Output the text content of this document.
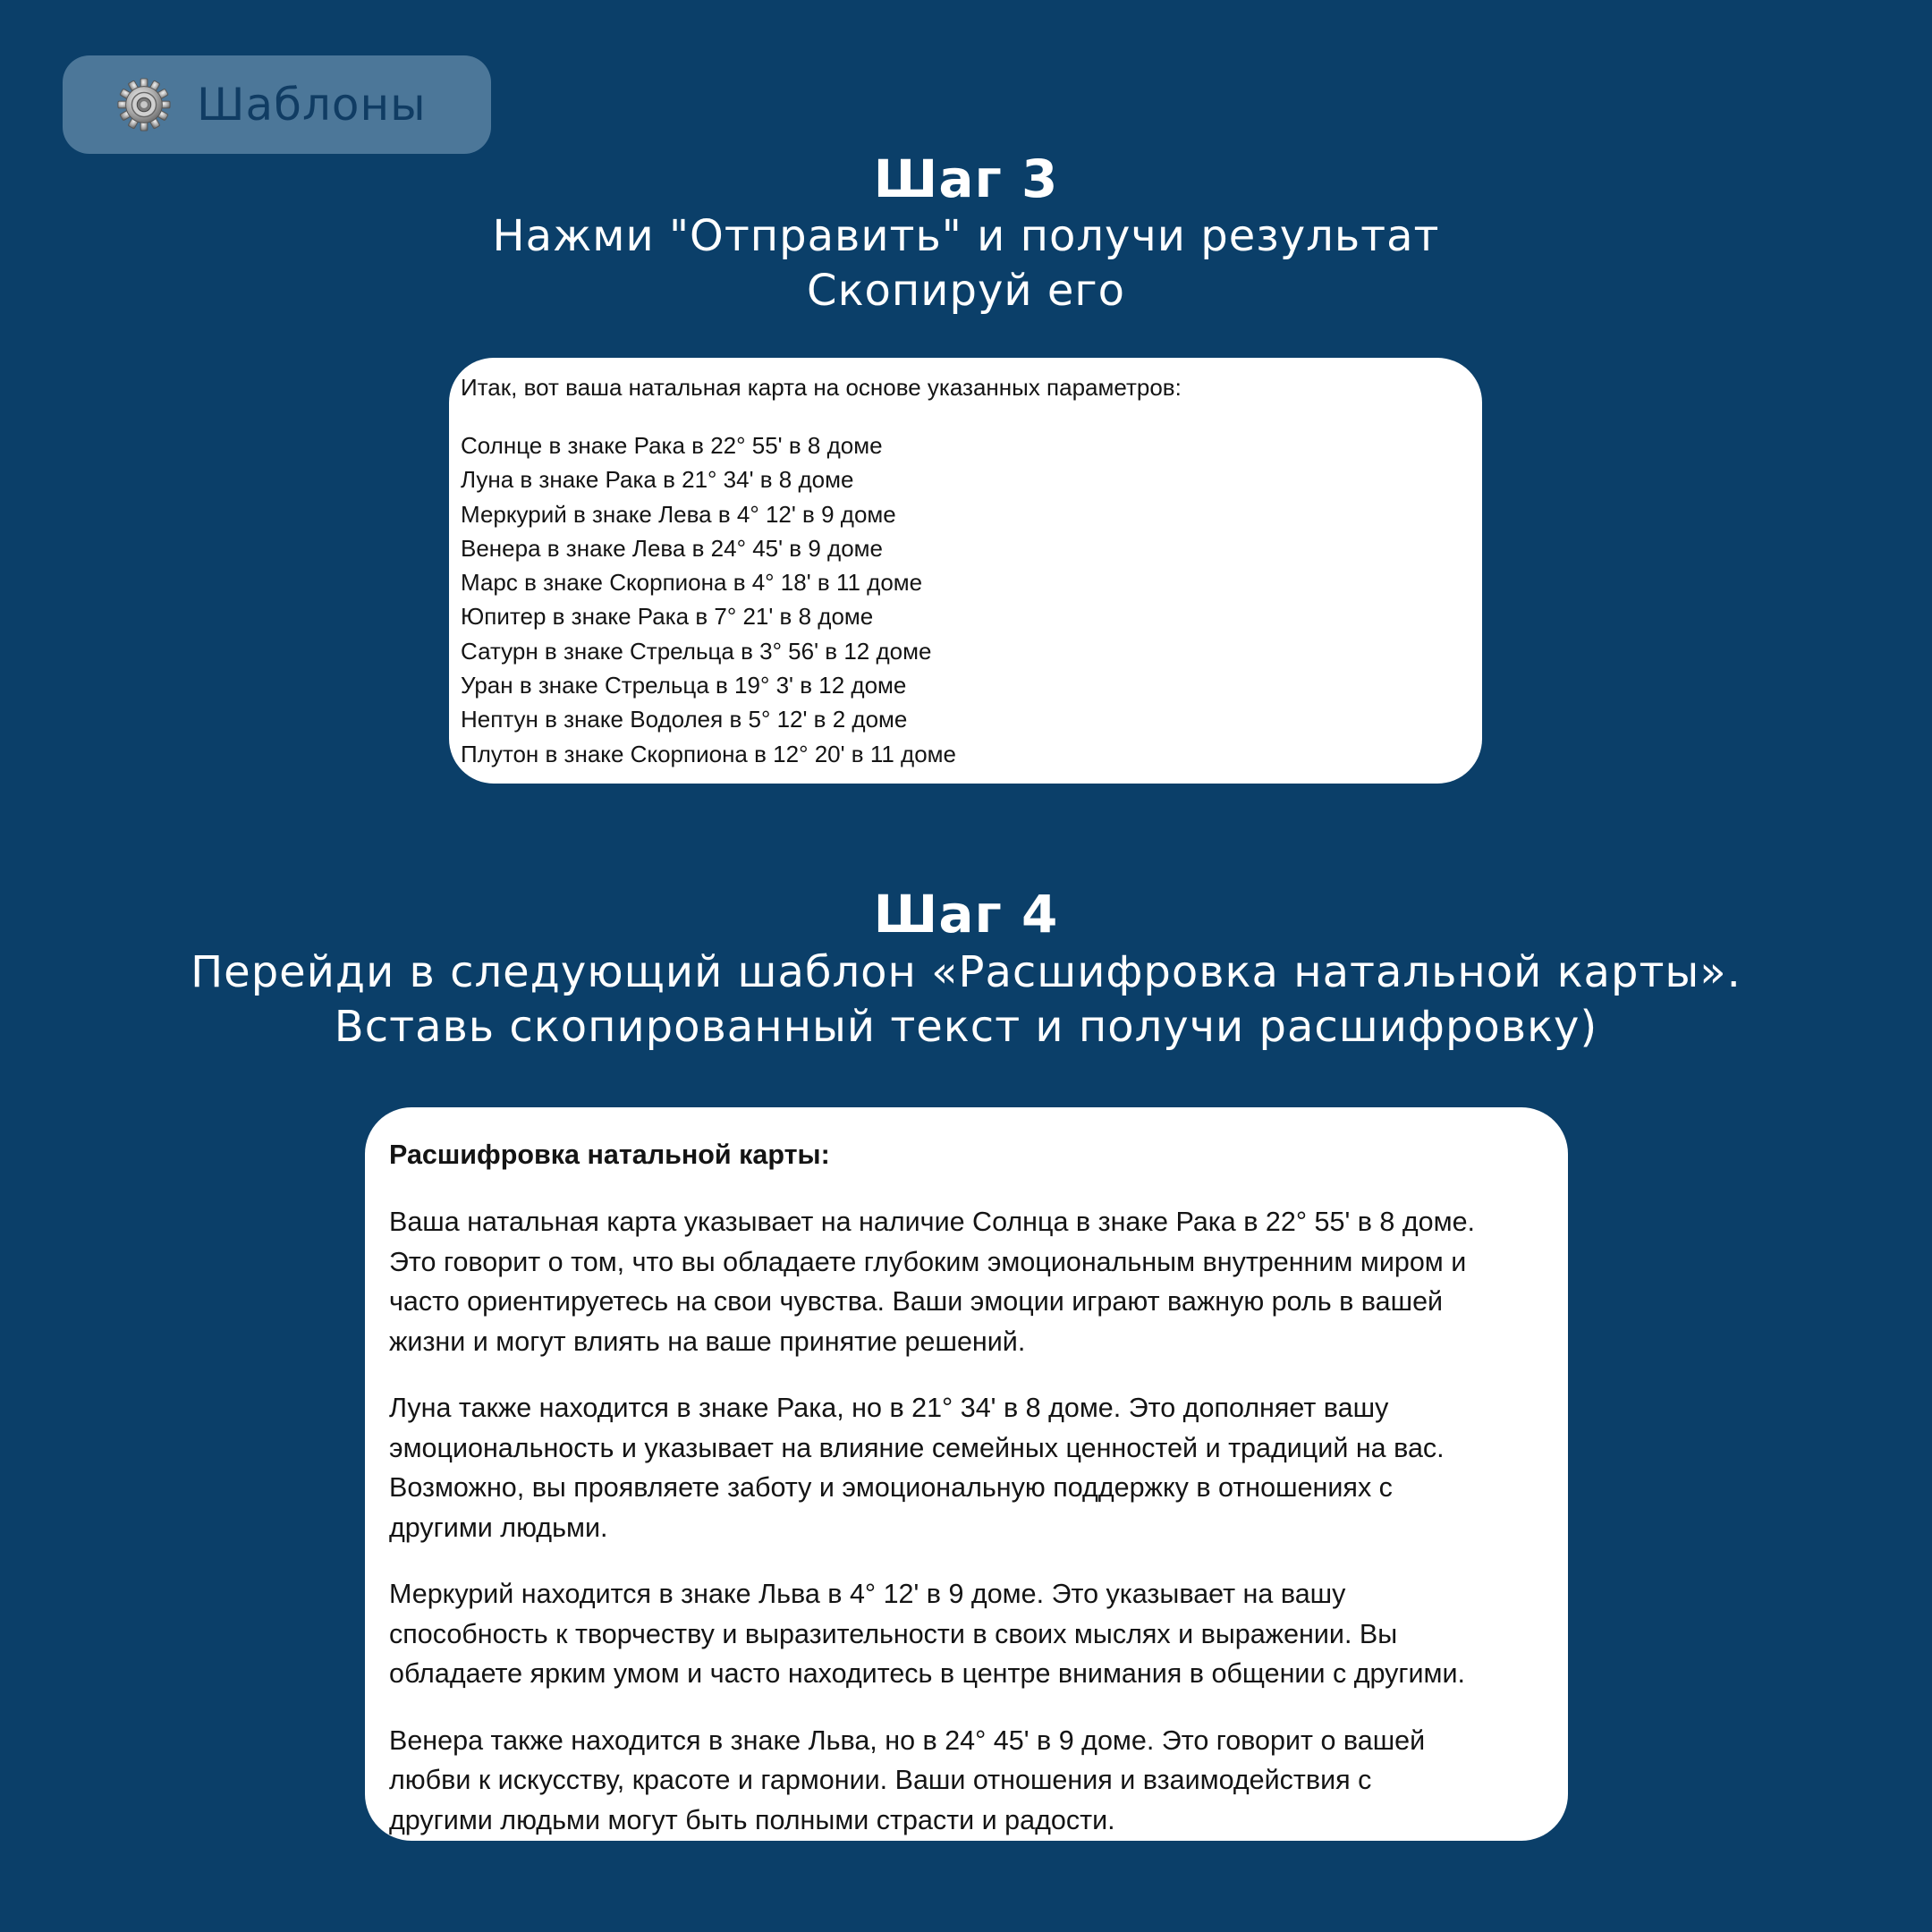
Шаблоны
Шаг 3
Нажми "Отправить" и получи результат
Скопируй его
Итак, вот ваша натальная карта на основе указанных параметров:
Солнце в знаке Рака в 22° 55' в 8 доме
Луна в знаке Рака в 21° 34' в 8 доме
Меркурий в знаке Лева в 4° 12' в 9 доме
Венера в знаке Лева в 24° 45' в 9 доме
Марс в знаке Скорпиона в 4° 18' в 11 доме
Юпитер в знаке Рака в 7° 21' в 8 доме
Сатурн в знаке Стрельца в 3° 56' в 12 доме
Уран в знаке Стрельца в 19° 3' в 12 доме
Нептун в знаке Водолея в 5° 12' в 2 доме
Плутон в знаке Скорпиона в 12° 20' в 11 доме
Шаг 4
Перейди в следующий шаблон «Расшифровка натальной карты».
Вставь скопированный текст и получи расшифровку)
Расшифровка натальной карты:
Ваша натальная карта указывает на наличие Солнца в знаке Рака в 22° 55' в 8 доме.
Это говорит о том, что вы обладаете глубоким эмоциональным внутренним миром и
часто ориентируетесь на свои чувства. Ваши эмоции играют важную роль в вашей
жизни и могут влиять на ваше принятие решений.
Луна также находится в знаке Рака, но в 21° 34' в 8 доме. Это дополняет вашу
эмоциональность и указывает на влияние семейных ценностей и традиций на вас.
Возможно, вы проявляете заботу и эмоциональную поддержку в отношениях с
другими людьми.
Меркурий находится в знаке Льва в 4° 12' в 9 доме. Это указывает на вашу
способность к творчеству и выразительности в своих мыслях и выражении. Вы
обладаете ярким умом и часто находитесь в центре внимания в общении с другими.
Венера также находится в знаке Льва, но в 24° 45' в 9 доме. Это говорит о вашей
любви к искусству, красоте и гармонии. Ваши отношения и взаимодействия с
другими людьми могут быть полными страсти и радости.
